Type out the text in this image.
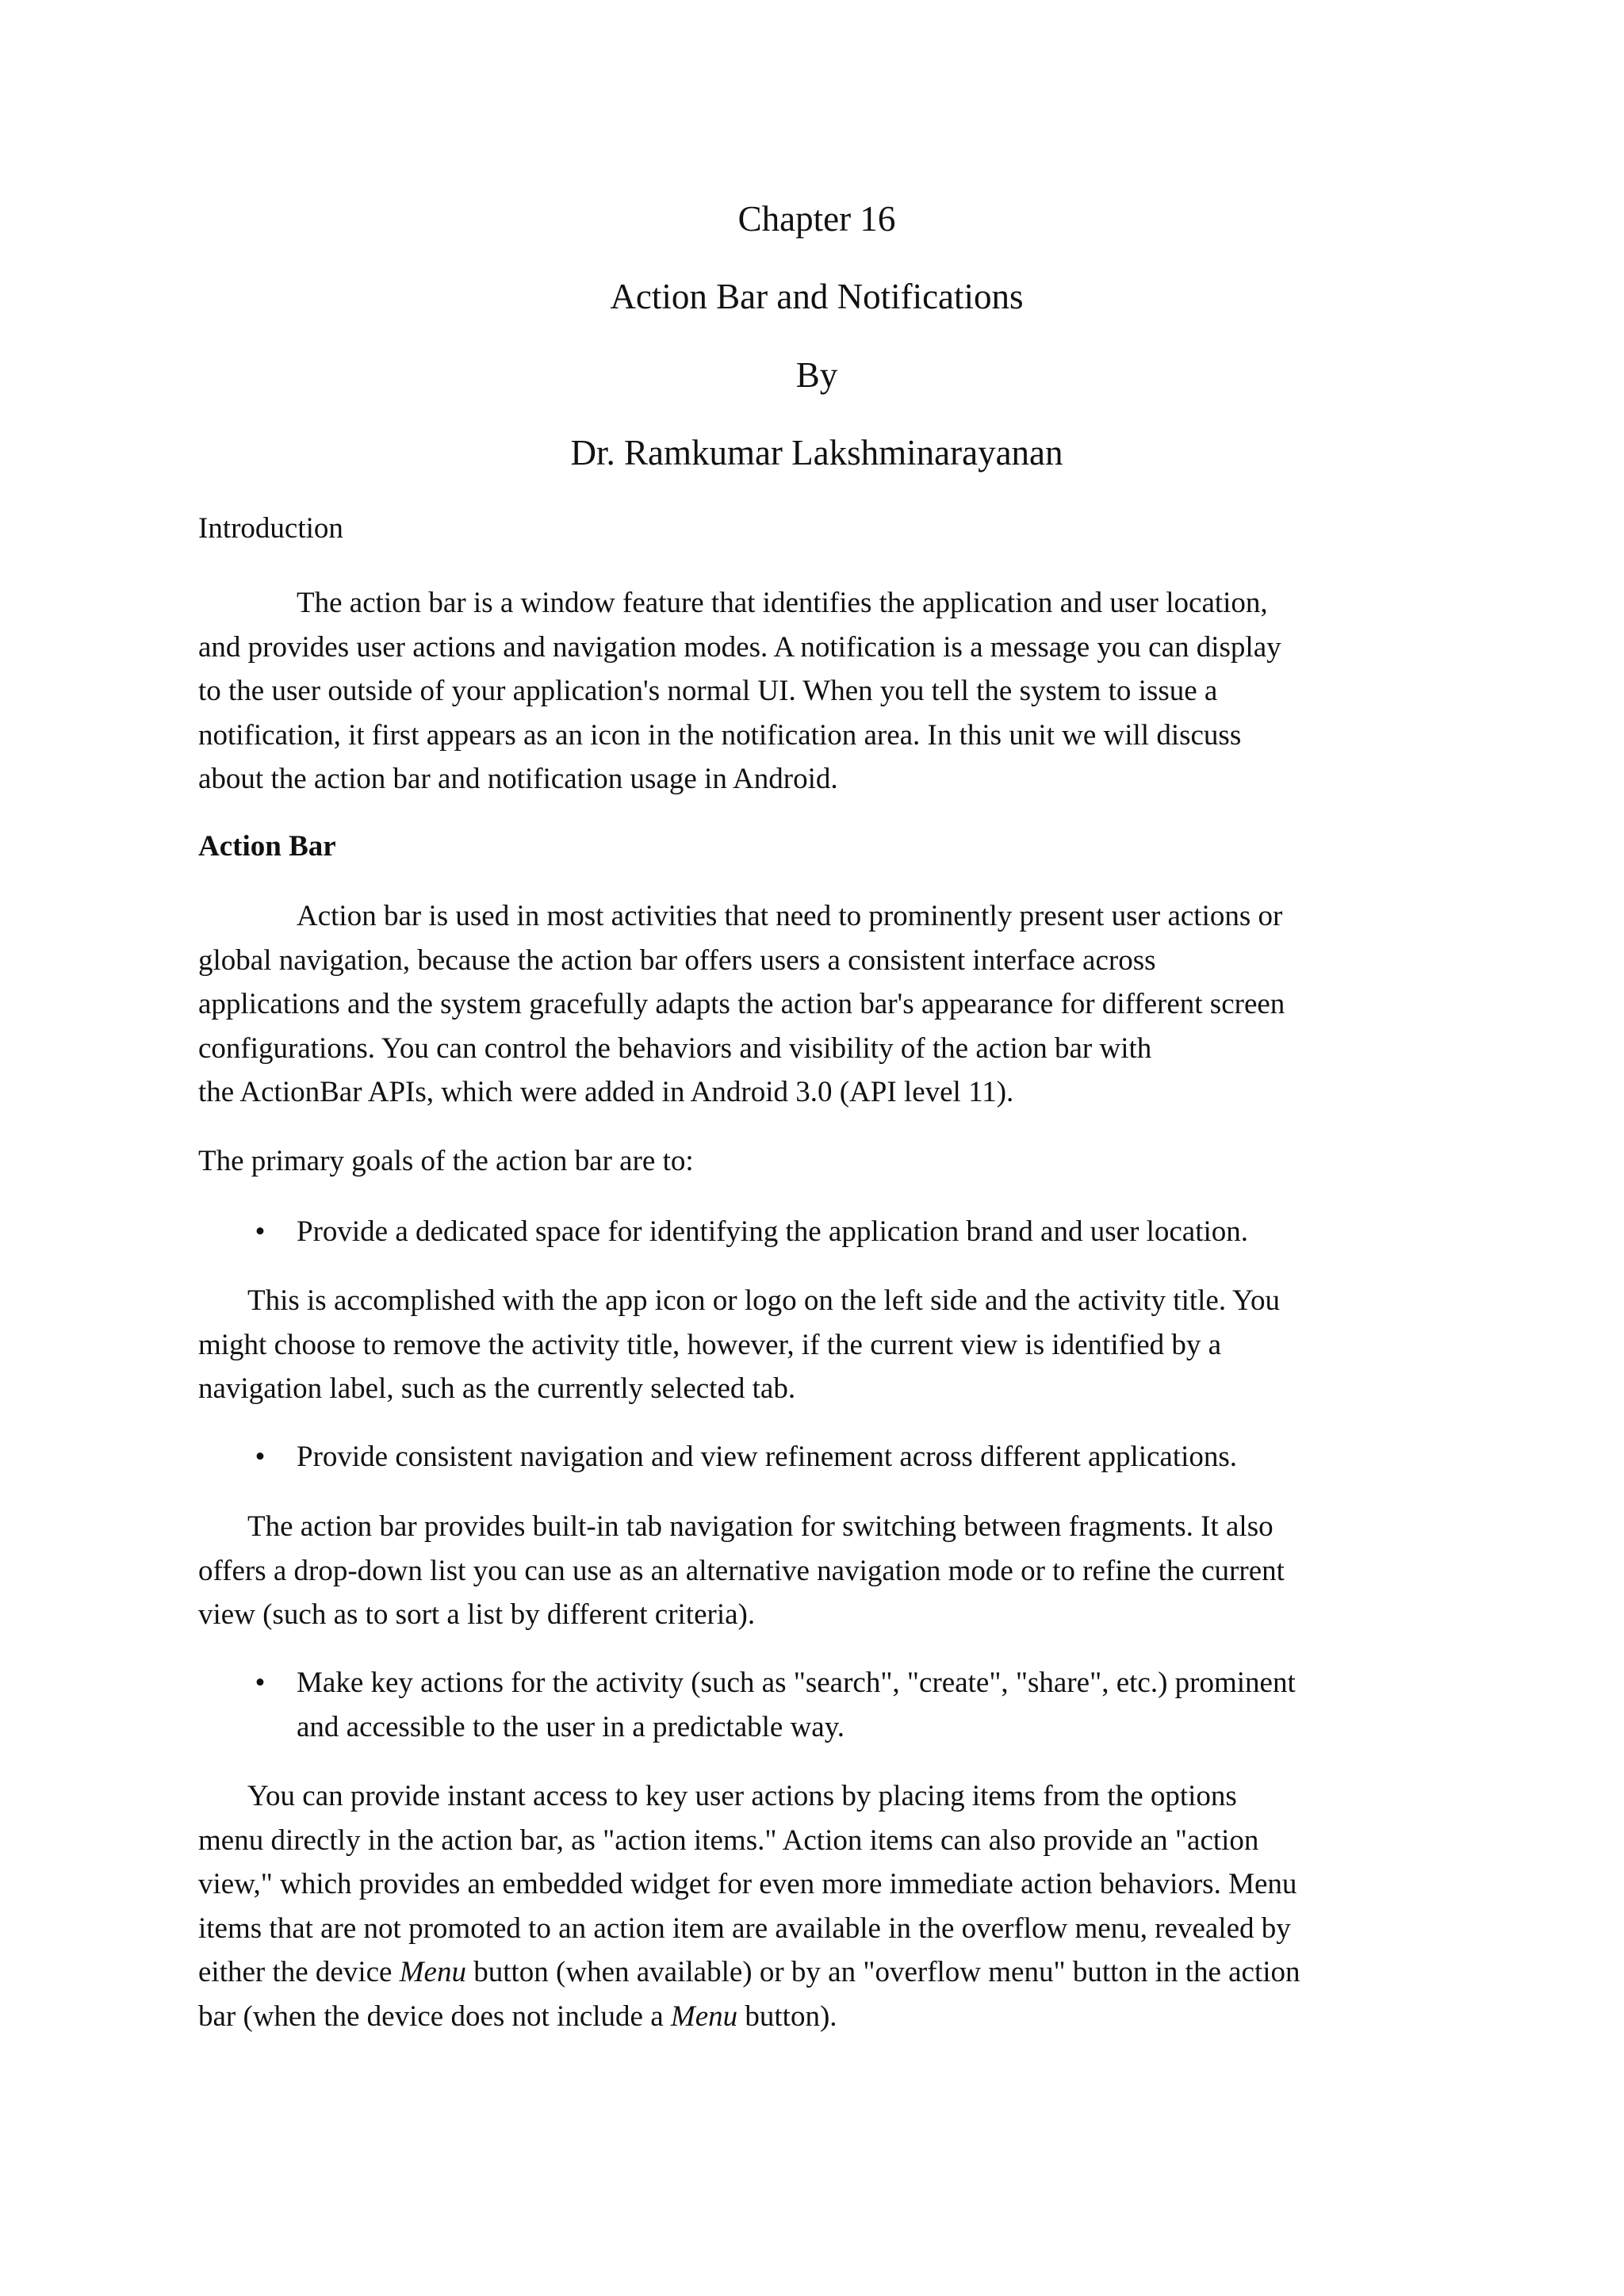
Chapter 16
Action Bar and Notifications
By
Dr. Ramkumar Lakshminarayanan
Introduction

The action bar is a window feature that identifies the application and user location,
and provides user actions and navigation modes. A notification is a message you can display
to the user outside of your application's normal UI. When you tell the system to issue a
notification, it first appears as an icon in the notification area. In this unit we will discuss
about the action bar and notification usage in Android.

Action Bar

Action bar is used in most activities that need to prominently present user actions or
global navigation, because the action bar offers users a consistent interface across
applications and the system gracefully adapts the action bar's appearance for different screen
configurations. You can control the behaviors and visibility of the action bar with
the ActionBar APIs, which were added in Android 3.0 (API level 11).

The primary goals of the action bar are to:
• Provide a dedicated space for identifying the application brand and user location.

This is accomplished with the app icon or logo on the left side and the activity title. You
might choose to remove the activity title, however, if the current view is identified by a
navigation label, such as the currently selected tab.

• Provide consistent navigation and view refinement across different applications.

The action bar provides built-in tab navigation for switching between fragments. It also
offers a drop-down list you can use as an alternative navigation mode or to refine the current
view (such as to sort a list by different criteria).

• Make key actions for the activity (such as "search", "create", "share", etc.) prominent
and accessible to the user in a predictable way.

You can provide instant access to key user actions by placing items from the options
menu directly in the action bar, as "action items." Action items can also provide an "action
view," which provides an embedded widget for even more immediate action behaviors. Menu
items that are not promoted to an action item are available in the overflow menu, revealed by
either the device Menu button (when available) or by an "overflow menu" button in the action
bar (when the device does not include a Menu button).
